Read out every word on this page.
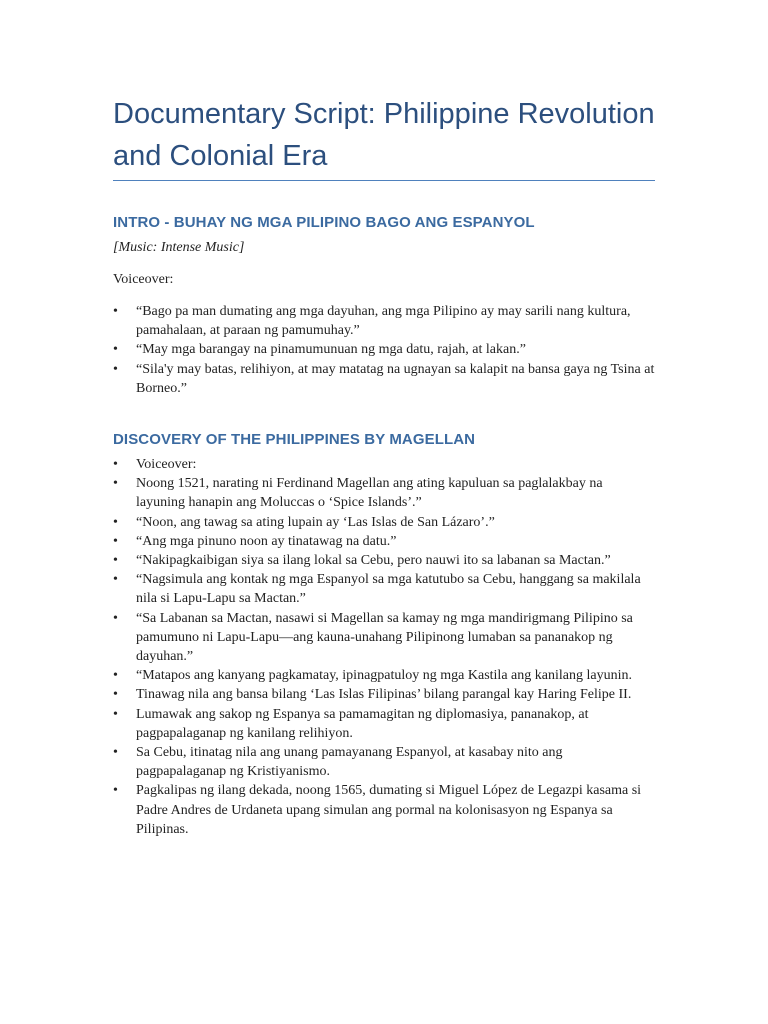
Documentary Script: Philippine Revolution and Colonial Era
INTRO - BUHAY NG MGA PILIPINO BAGO ANG ESPANYOL
[Music: Intense Music]
Voiceover:
• “Bago pa man dumating ang mga dayuhan, ang mga Pilipino ay may sarili nang kultura, pamahalaan, at paraan ng pamumuhay.”
• “May mga barangay na pinamumunuan ng mga datu, rajah, at lakan.”
• “Sila'y may batas, relihiyon, at may matatag na ugnayan sa kalapit na bansa gaya ng Tsina at Borneo.”
DISCOVERY OF THE PHILIPPINES BY MAGELLAN
• Voiceover:
• Noong 1521, narating ni Ferdinand Magellan ang ating kapuluan sa paglalakbay na layuning hanapin ang Moluccas o ‘Spice Islands’.”
• “Noon, ang tawag sa ating lupain ay ‘Las Islas de San Lázaro’.”
• “Ang mga pinuno noon ay tinatawag na datu.”
• “Nakipagkaibigan siya sa ilang lokal sa Cebu, pero nauwi ito sa labanan sa Mactan.”
• “Nagsimula ang kontak ng mga Espanyol sa mga katutubo sa Cebu, hanggang sa makilala nila si Lapu-Lapu sa Mactan.”
• “Sa Labanan sa Mactan, nasawi si Magellan sa kamay ng mga mandirigmang Pilipino sa pamumuno ni Lapu-Lapu—ang kauna-unahang Pilipinong lumaban sa pananakop ng dayuhan.”
• “Matapos ang kanyang pagkamatay, ipinagpatuloy ng mga Kastila ang kanilang layunin.
• Tinawag nila ang bansa bilang ‘Las Islas Filipinas’ bilang parangal kay Haring Felipe II.
• Lumawak ang sakop ng Espanya sa pamamagitan ng diplomasiya, pananakop, at pagpapalaganap ng kanilang relihiyon.
• Sa Cebu, itinatag nila ang unang pamayanang Espanyol, at kasabay nito ang pagpapalaganap ng Kristiyanismo.
• Pagkalipas ng ilang dekada, noong 1565, dumating si Miguel López de Legazpi kasama si Padre Andres de Urdaneta upang simulan ang pormal na kolonisasyon ng Espanya sa Pilipinas.
